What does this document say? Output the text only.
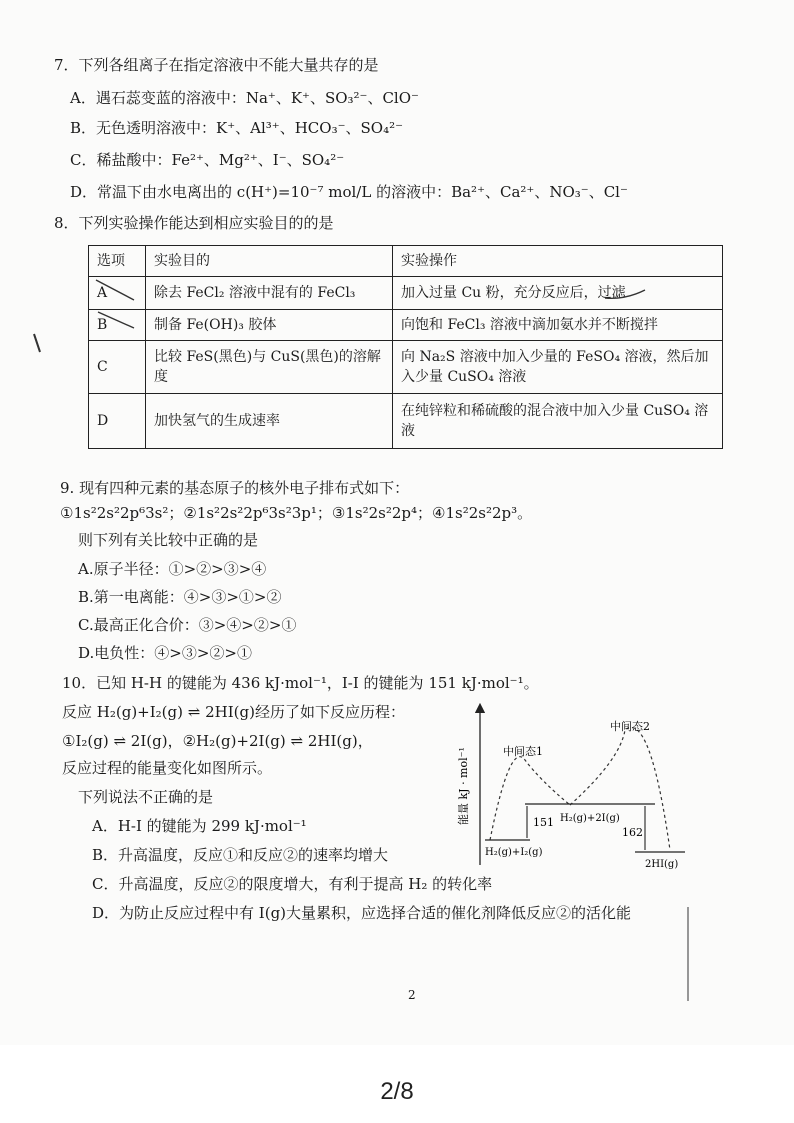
7．下列各组离子在指定溶液中不能大量共存的是
A．遇石蕊变蓝的溶液中：Na⁺、K⁺、SO₃²⁻、ClO⁻
B．无色透明溶液中：K⁺、Al³⁺、HCO₃⁻、SO₄²⁻
C．稀盐酸中：Fe²⁺、Mg²⁺、I⁻、SO₄²⁻
D．常温下由水电离出的 c(H⁺)=10⁻⁷ mol/L 的溶液中：Ba²⁺、Ca²⁺、NO₃⁻、Cl⁻
8．下列实验操作能达到相应实验目的的是
选项	实验目的	实验操作
A	除去 FeCl₂ 溶液中混有的 FeCl₃	加入过量 Cu 粉，充分反应后，过滤
B	制备 Fe(OH)₃ 胶体	向饱和 FeCl₃ 溶液中滴加氨水并不断搅拌
C	比较 FeS(黑色)与 CuS(黑色)的溶解度	向 Na₂S 溶液中加入少量的 FeSO₄ 溶液，然后加入少量 CuSO₄ 溶液
D	加快氢气的生成速率	在纯锌粒和稀硫酸的混合液中加入少量 CuSO₄ 溶液
9. 现有四种元素的基态原子的核外电子排布式如下：
①1s²2s²2p⁶3s²；②1s²2s²2p⁶3s²3p¹；③1s²2s²2p⁴；④1s²2s²2p³。
则下列有关比较中正确的是
A.原子半径：①>②>③>④
B.第一电离能：④>③>①>②
C.最高正化合价：③>④>②>①
D.电负性：④>③>②>①
10．已知 H-H 的键能为 436 kJ·mol⁻¹，I-I 的键能为 151 kJ·mol⁻¹。
反应 H₂(g)+I₂(g) ⇌ 2HI(g)经历了如下反应历程：
①I₂(g) ⇌ 2I(g)，②H₂(g)+2I(g) ⇌ 2HI(g)，
反应过程的能量变化如图所示。
下列说法不正确的是
A．H-I 的键能为 299 kJ·mol⁻¹
B．升高温度，反应①和反应②的速率均增大
C．升高温度，反应②的限度增大，有利于提高 H₂ 的转化率
D．为防止反应过程中有 I(g)大量累积，应选择合适的催化剂降低反应②的活化能
能量 kJ · mol⁻¹	151
162
中间态1
中间态2
H₂(g)+2I(g)
H₂(g)+I₂(g)
2HI(g)
2
2/8
